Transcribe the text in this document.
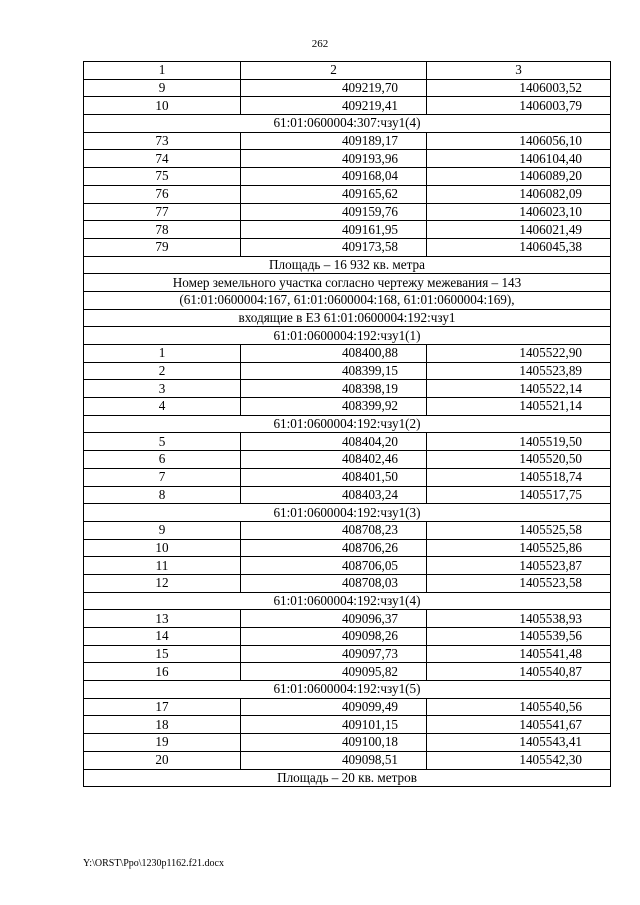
262
1	2	3
9	409219,70	1406003,52
10	409219,41	1406003,79
61:01:0600004:307:чзу1(4)		
73	409189,17	1406056,10
74	409193,96	1406104,40
75	409168,04	1406089,20
76	409165,62	1406082,09
77	409159,76	1406023,10
78	409161,95	1406021,49
79	409173,58	1406045,38
Площадь – 16 932 кв. метра		
Номер земельного участка согласно чертежу межевания – 143		
(61:01:0600004:167, 61:01:0600004:168, 61:01:0600004:169),		
входящие в ЕЗ 61:01:0600004:192:чзу1		
61:01:0600004:192:чзу1(1)		
1	408400,88	1405522,90
2	408399,15	1405523,89
3	408398,19	1405522,14
4	408399,92	1405521,14
61:01:0600004:192:чзу1(2)		
5	408404,20	1405519,50
6	408402,46	1405520,50
7	408401,50	1405518,74
8	408403,24	1405517,75
61:01:0600004:192:чзу1(3)		
9	408708,23	1405525,58
10	408706,26	1405525,86
11	408706,05	1405523,87
12	408708,03	1405523,58
61:01:0600004:192:чзу1(4)		
13	409096,37	1405538,93
14	409098,26	1405539,56
15	409097,73	1405541,48
16	409095,82	1405540,87
61:01:0600004:192:чзу1(5)		
17	409099,49	1405540,56
18	409101,15	1405541,67
19	409100,18	1405543,41
20	409098,51	1405542,30
Площадь – 20 кв. метров		
Y:\ORST\Ppo\1230p1162.f21.docx
